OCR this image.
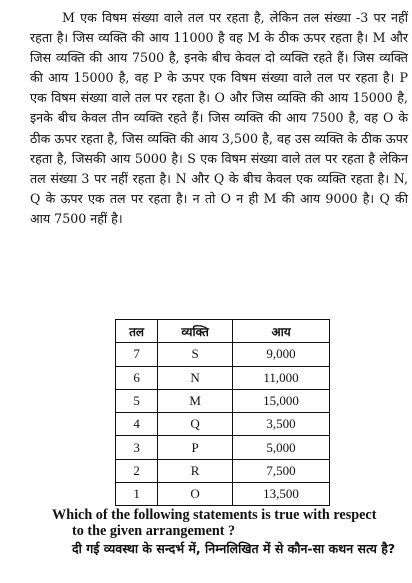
M एक विषम संख्या वाले तल पर रहता है, लेकिन तल संख्या -3 पर नहीं रहता है। जिस व्यक्ति की आय 11000 है वह M के ठीक ऊपर रहता है। M और जिस व्यक्ति की आय 7500 है, इनके बीच केवल दो व्यक्ति रहते हैं। जिस व्यक्ति की आय 15000 है, वह P के ऊपर एक विषम संख्या वाले तल पर रहता है। P एक विषम संख्या वाले तल पर रहता है। O और जिस व्यक्ति की आय 15000 है, इनके बीच केवल तीन व्यक्ति रहते हैं। जिस व्यक्ति की आय 7500 है, वह O के ठीक ऊपर रहता है, जिस व्यक्ति की आय 3,500 है, वह उस व्यक्ति के ठीक ऊपर रहता है, जिसकी आय 5000 है। S एक विषम संख्या वाले तल पर रहता है लेकिन तल संख्या 3 पर नहीं रहता है। N और Q के बीच केवल एक व्यक्ति रहता है। N, Q के ऊपर एक तल पर रहता है। न तो O न ही M की आय 9000 है। Q की आय 7500 नहीं है।

तल	व्यक्ति	आय
7	S	9,000
6	N	11,000
5	M	15,000
4	Q	3,500
3	P	5,000
2	R	7,500
1	O	13,500

Which of the following statements is true with respect
to the given arrangement ?

दी गई व्यवस्था के सन्दर्भ में, निम्नलिखित में से कौन-सा कथन सत्य है?
